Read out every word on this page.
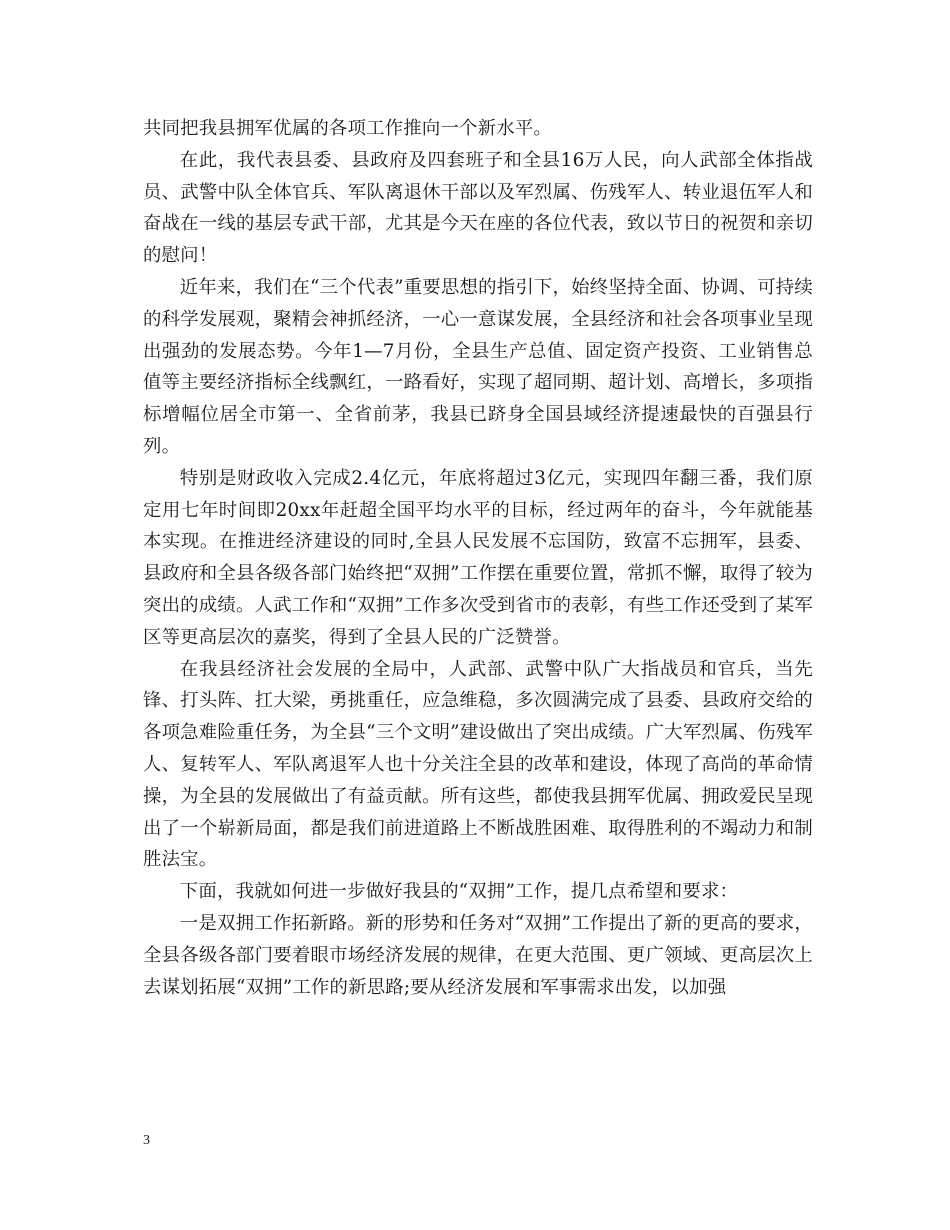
共同把我县拥军优属的各项工作推向一个新水平。

在此，我代表县委、县政府及四套班子和全县16万人民，向人武部全体指战员、武警中队全体官兵、军队离退休干部以及军烈属、伤残军人、转业退伍军人和奋战在一线的基层专武干部，尤其是今天在座的各位代表，致以节日的祝贺和亲切的慰问！

近年来，我们在“三个代表”重要思想的指引下，始终坚持全面、协调、可持续的科学发展观，聚精会神抓经济，一心一意谋发展，全县经济和社会各项事业呈现出强劲的发展态势。今年1—7月份，全县生产总值、固定资产投资、工业销售总值等主要经济指标全线飘红，一路看好，实现了超同期、超计划、高增长，多项指标增幅位居全市第一、全省前茅，我县已跻身全国县域经济提速最快的百强县行列。

特别是财政收入完成2.4亿元，年底将超过3亿元，实现四年翻三番，我们原定用七年时间即20xx年赶超全国平均水平的目标，经过两年的奋斗，今年就能基本实现。在推进经济建设的同时,全县人民发展不忘国防，致富不忘拥军，县委、县政府和全县各级各部门始终把“双拥”工作摆在重要位置，常抓不懈，取得了较为突出的成绩。人武工作和“双拥”工作多次受到省市的表彰，有些工作还受到了某军区等更高层次的嘉奖，得到了全县人民的广泛赞誉。

在我县经济社会发展的全局中，人武部、武警中队广大指战员和官兵，当先锋、打头阵、扛大梁，勇挑重任，应急维稳，多次圆满完成了县委、县政府交给的各项急难险重任务，为全县“三个文明”建设做出了突出成绩。广大军烈属、伤残军人、复转军人、军队离退军人也十分关注全县的改革和建设，体现了高尚的革命情操，为全县的发展做出了有益贡献。所有这些，都使我县拥军优属、拥政爱民呈现出了一个崭新局面，都是我们前进道路上不断战胜困难、取得胜利的不竭动力和制胜法宝。

下面，我就如何进一步做好我县的“双拥”工作，提几点希望和要求：

一是双拥工作拓新路。新的形势和任务对“双拥”工作提出了新的更高的要求，全县各级各部门要着眼市场经济发展的规律，在更大范围、更广领域、更高层次上去谋划拓展“双拥”工作的新思路;要从经济发展和军事需求出发，以加强

3
